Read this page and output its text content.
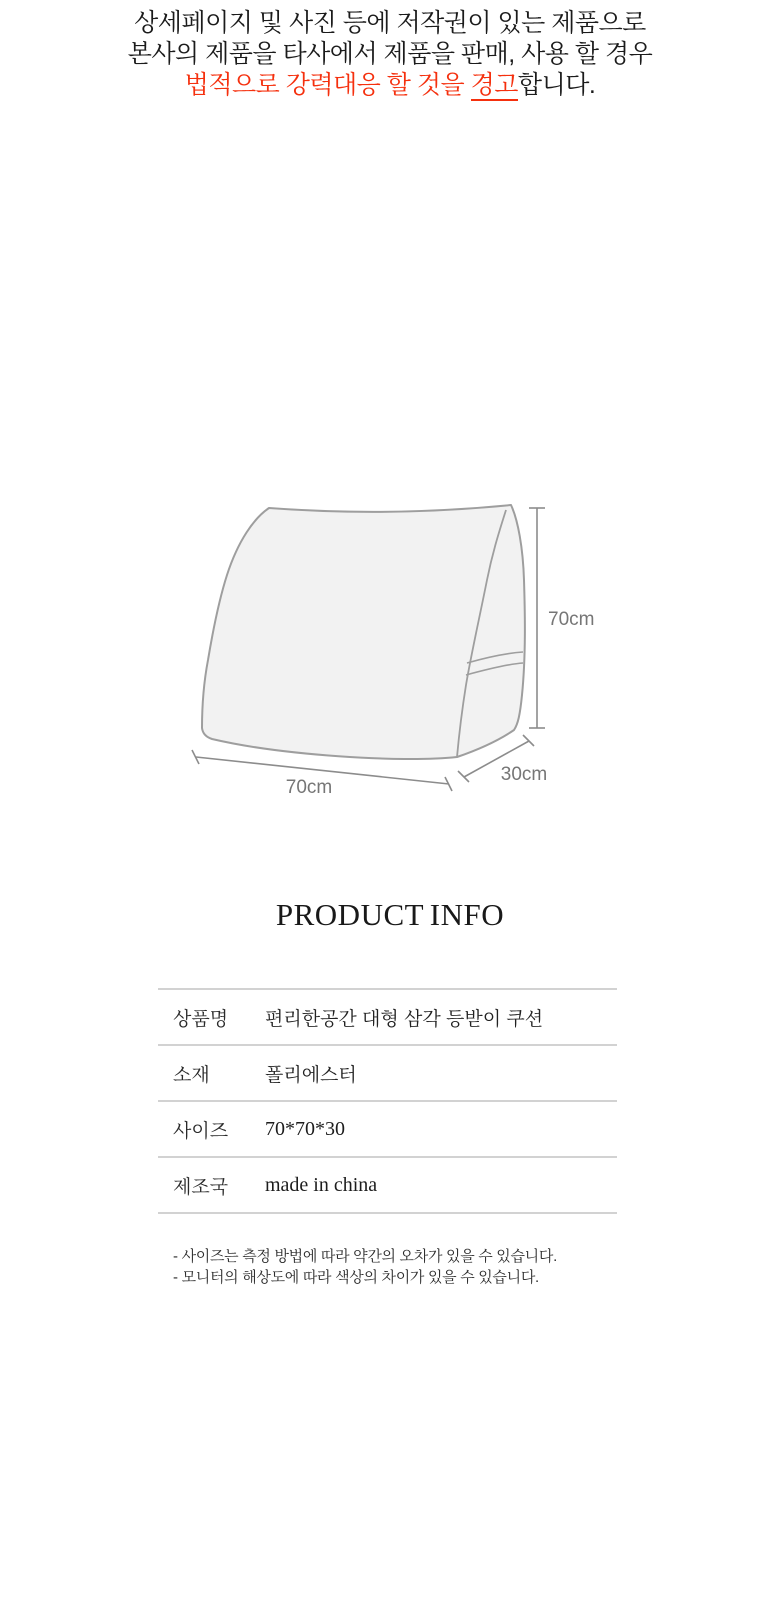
상세페이지 및 사진 등에 저작권이 있는 제품으로
본사의 제품을 타사에서 제품을 판매, 사용 할 경우
법적으로 강력대응 할 것을 경고합니다.
70cm
70cm
30cm
PRODUCT INFO
상품명	편리한공간 대형 삼각 등받이 쿠션
소재	폴리에스터
사이즈	70*70*30
제조국	made in china
- 사이즈는 측정 방법에 따라 약간의 오차가 있을 수 있습니다.
- 모니터의 해상도에 따라 색상의 차이가 있을 수 있습니다.
